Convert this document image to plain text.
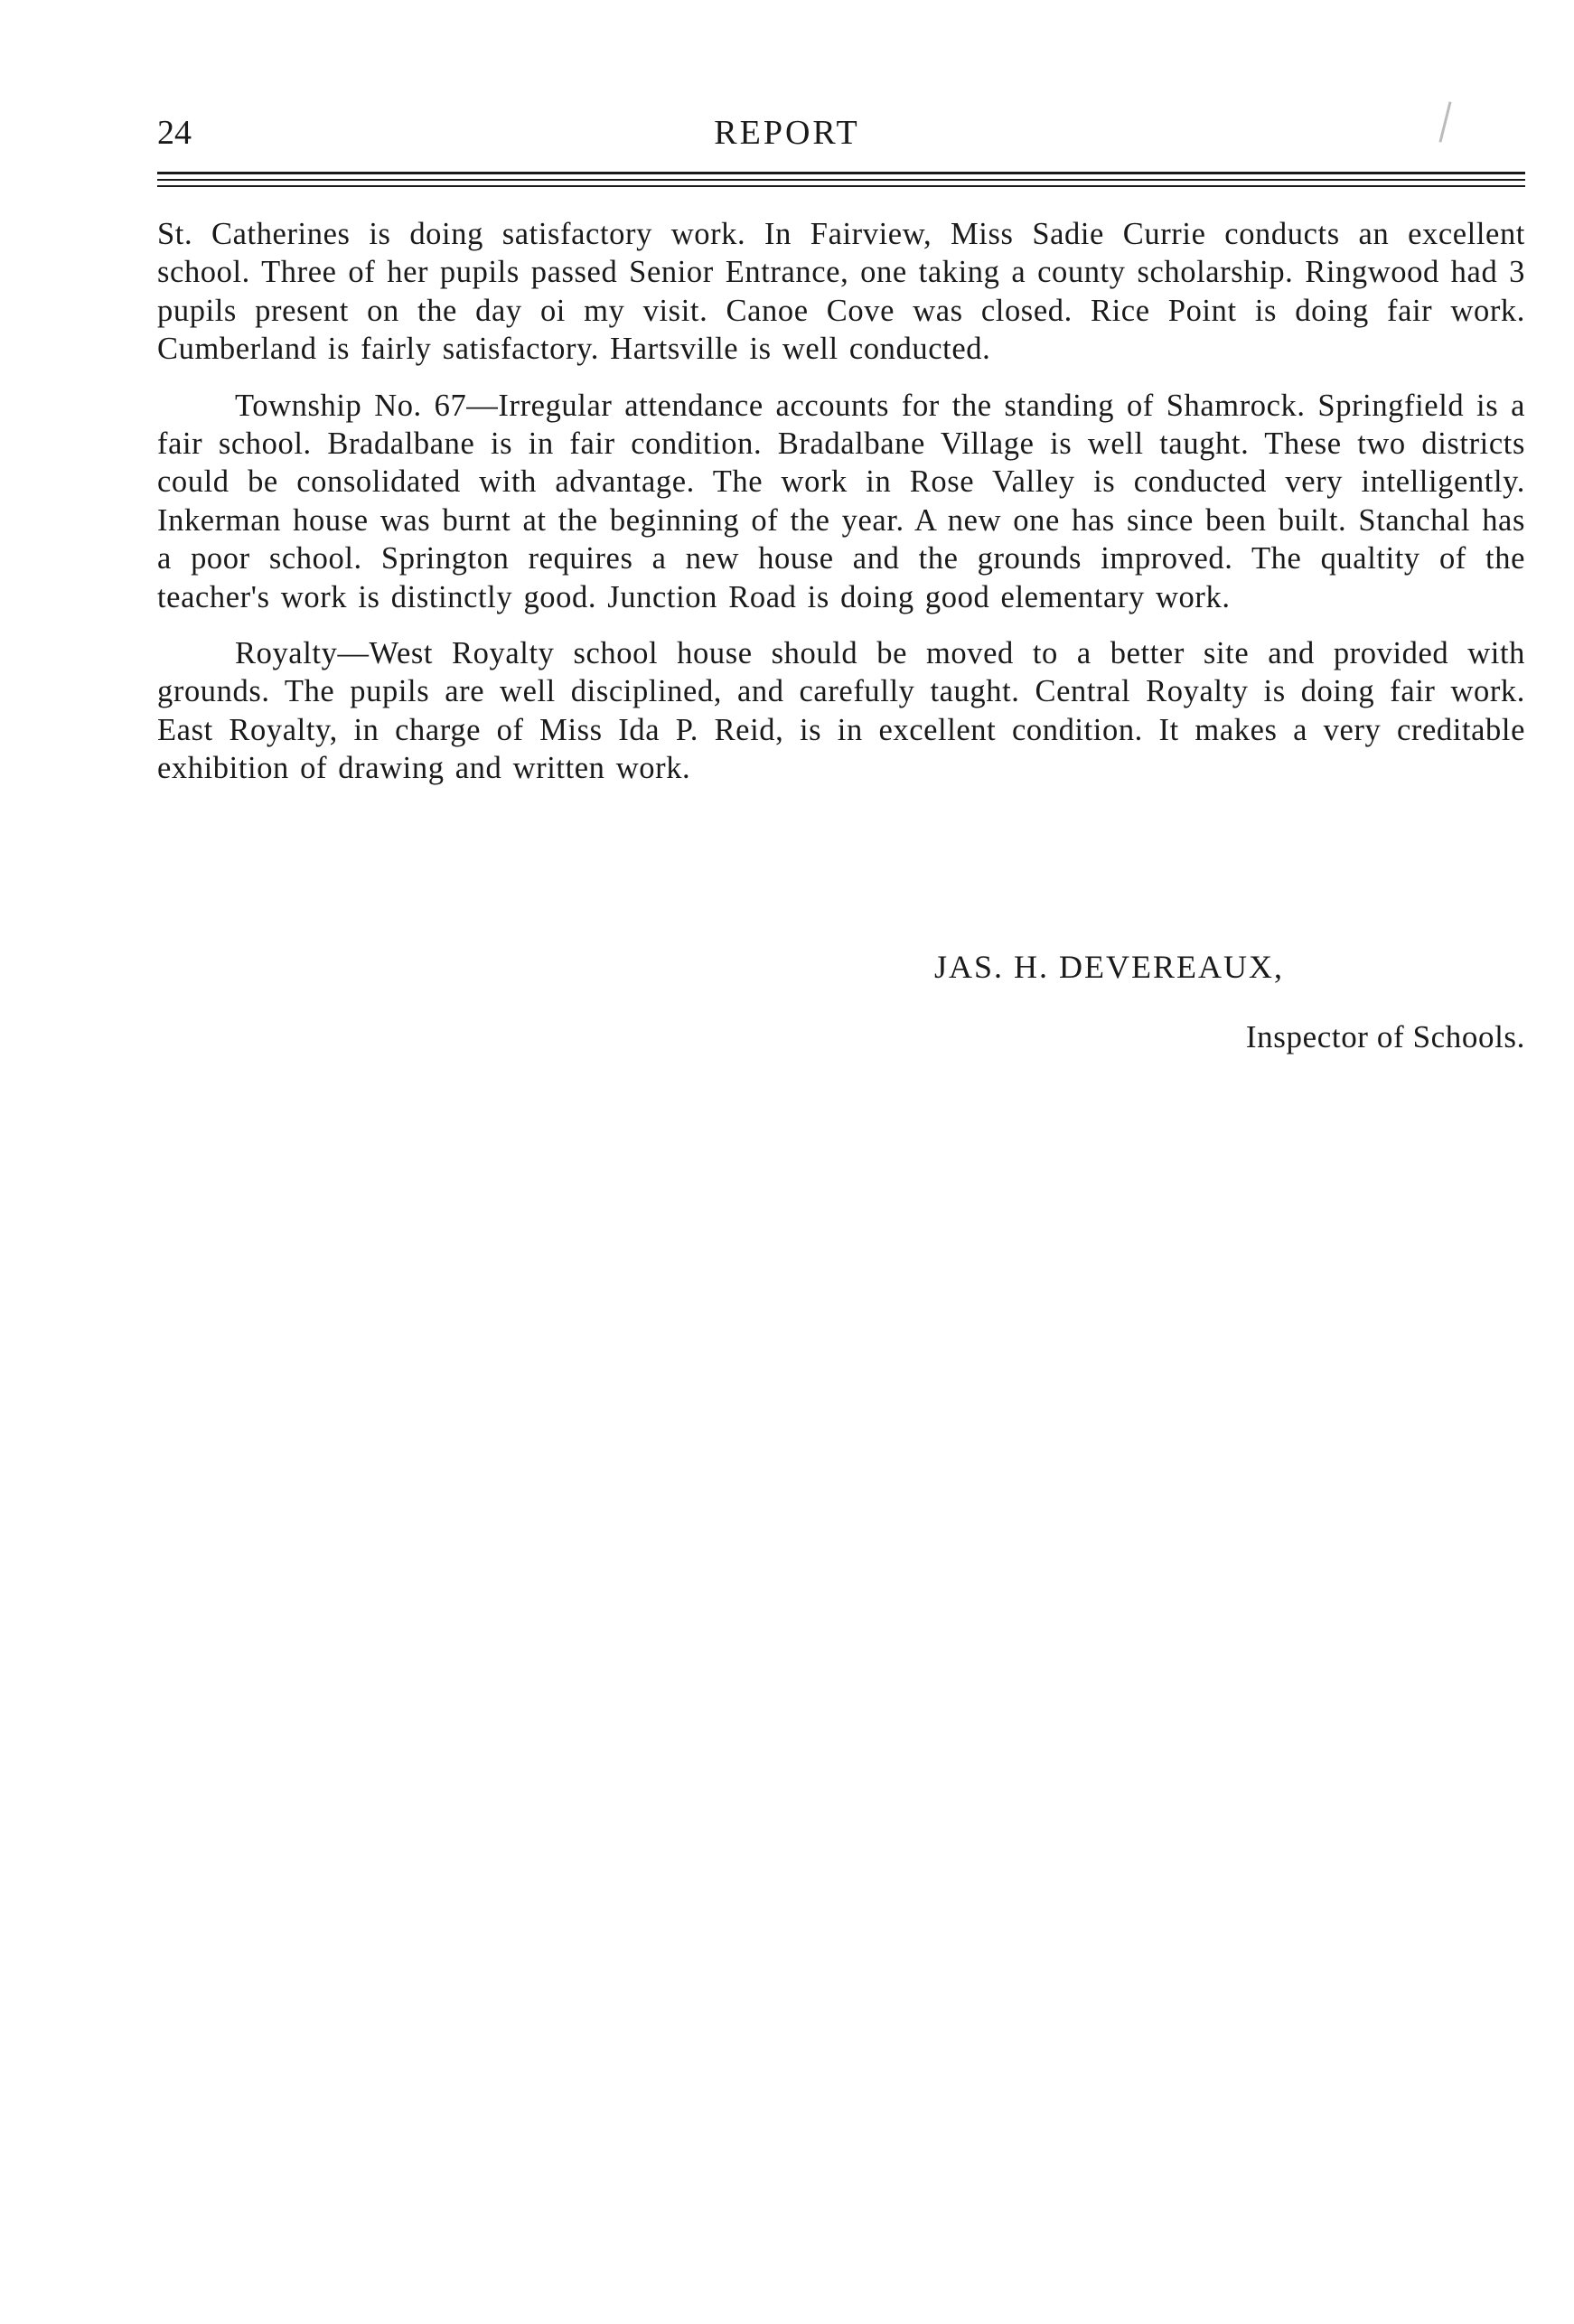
24	REPORT

St. Catherines is doing satisfactory work. In Fairview, Miss Sadie Currie conducts an excellent school. Three of her pupils passed Senior Entrance, one taking a county scholarship. Ringwood had 3 pupils present on the day oi my visit. Canoe Cove was closed. Rice Point is doing fair work. Cumberland is fairly satisfactory. Hartsville is well conducted.

Township No. 67—Irregular attendance accounts for the standing of Shamrock. Springfield is a fair school. Bradalbane is in fair condition. Bradalbane Village is well taught. These two districts could be consolidated with advantage. The work in Rose Valley is conducted very intelligently. Inkerman house was burnt at the beginning of the year. A new one has since been built. Stanchal has a poor school. Springton requires a new house and the grounds improved. The qualtity of the teacher's work is distinctly good. Junction Road is doing good elementary work.

Royalty—West Royalty school house should be moved to a better site and provided with grounds. The pupils are well disciplined, and carefully taught. Central Royalty is doing fair work. East Royalty, in charge of Miss Ida P. Reid, is in excellent condition. It makes a very creditable exhibition of drawing and written work.

JAS. H. DEVEREAUX,
Inspector of Schools.
